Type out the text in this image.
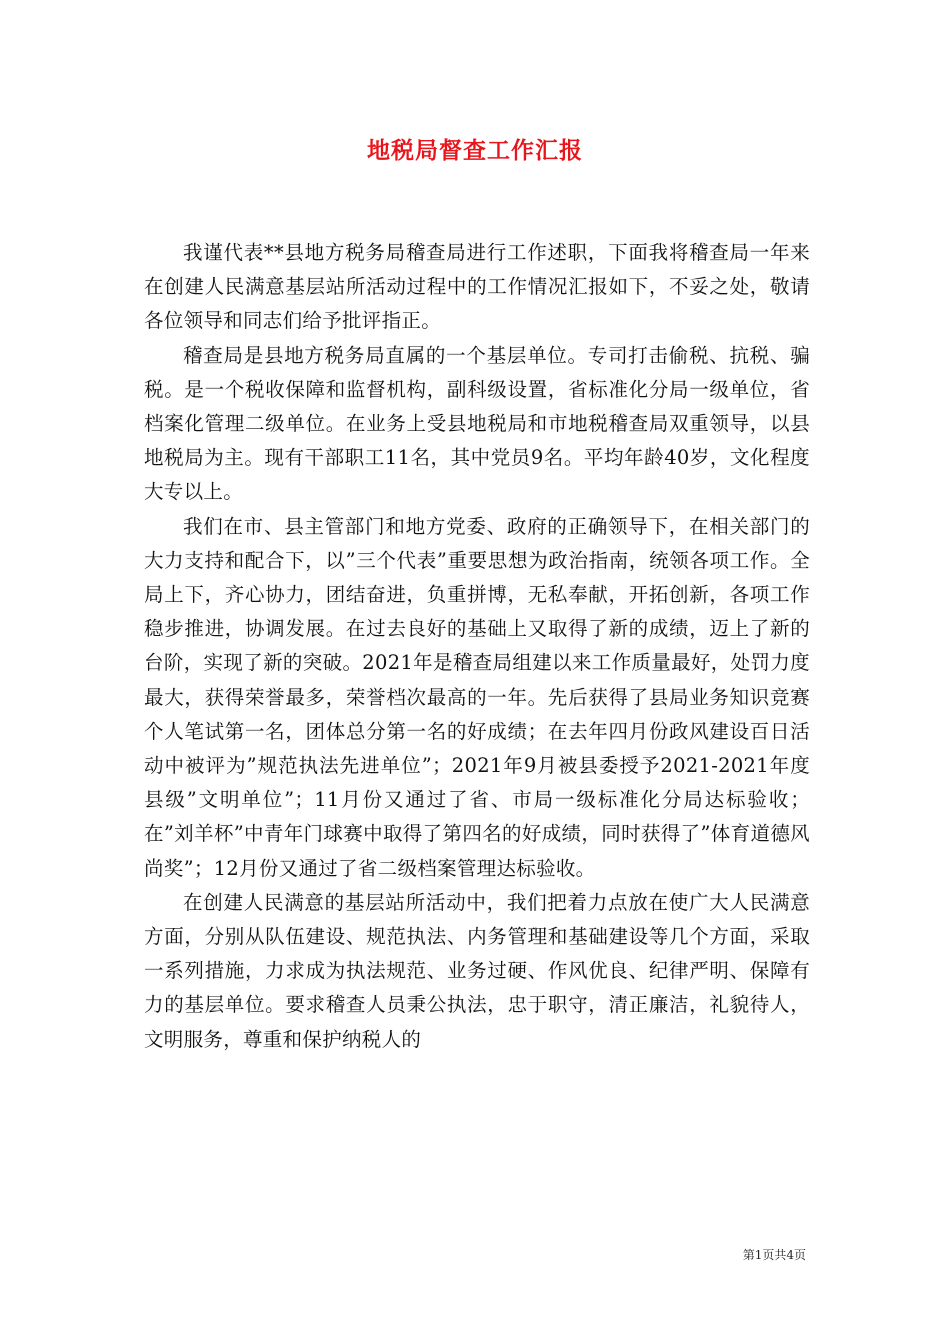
地税局督查工作汇报

我谨代表**县地方税务局稽查局进行工作述职，下面我将稽查局一年来在创建人民满意基层站所活动过程中的工作情况汇报如下，不妥之处，敬请各位领导和同志们给予批评指正。

稽查局是县地方税务局直属的一个基层单位。专司打击偷税、抗税、骗税。是一个税收保障和监督机构，副科级设置，省标准化分局一级单位，省档案化管理二级单位。在业务上受县地税局和市地税稽查局双重领导，以县地税局为主。现有干部职工11名，其中党员9名。平均年龄40岁，文化程度大专以上。

我们在市、县主管部门和地方党委、政府的正确领导下，在相关部门的大力支持和配合下，以”三个代表”重要思想为政治指南，统领各项工作。全局上下，齐心协力，团结奋进，负重拼博，无私奉献，开拓创新，各项工作稳步推进，协调发展。在过去良好的基础上又取得了新的成绩，迈上了新的台阶，实现了新的突破。2021年是稽查局组建以来工作质量最好，处罚力度最大，获得荣誉最多，荣誉档次最高的一年。先后获得了县局业务知识竞赛个人笔试第一名，团体总分第一名的好成绩；在去年四月份政风建设百日活动中被评为”规范执法先进单位”；2021年9月被县委授予2021-2021年度县级”文明单位”；11月份又通过了省、市局一级标准化分局达标验收；在”刘羊杯”中青年门球赛中取得了第四名的好成绩，同时获得了”体育道德风尚奖”；12月份又通过了省二级档案管理达标验收。

在创建人民满意的基层站所活动中，我们把着力点放在使广大人民满意方面，分别从队伍建设、规范执法、内务管理和基础建设等几个方面，采取一系列措施，力求成为执法规范、业务过硬、作风优良、纪律严明、保障有力的基层单位。要求稽查人员秉公执法，忠于职守，清正廉洁，礼貌待人，文明服务，尊重和保护纳税人的

第1页共4页
